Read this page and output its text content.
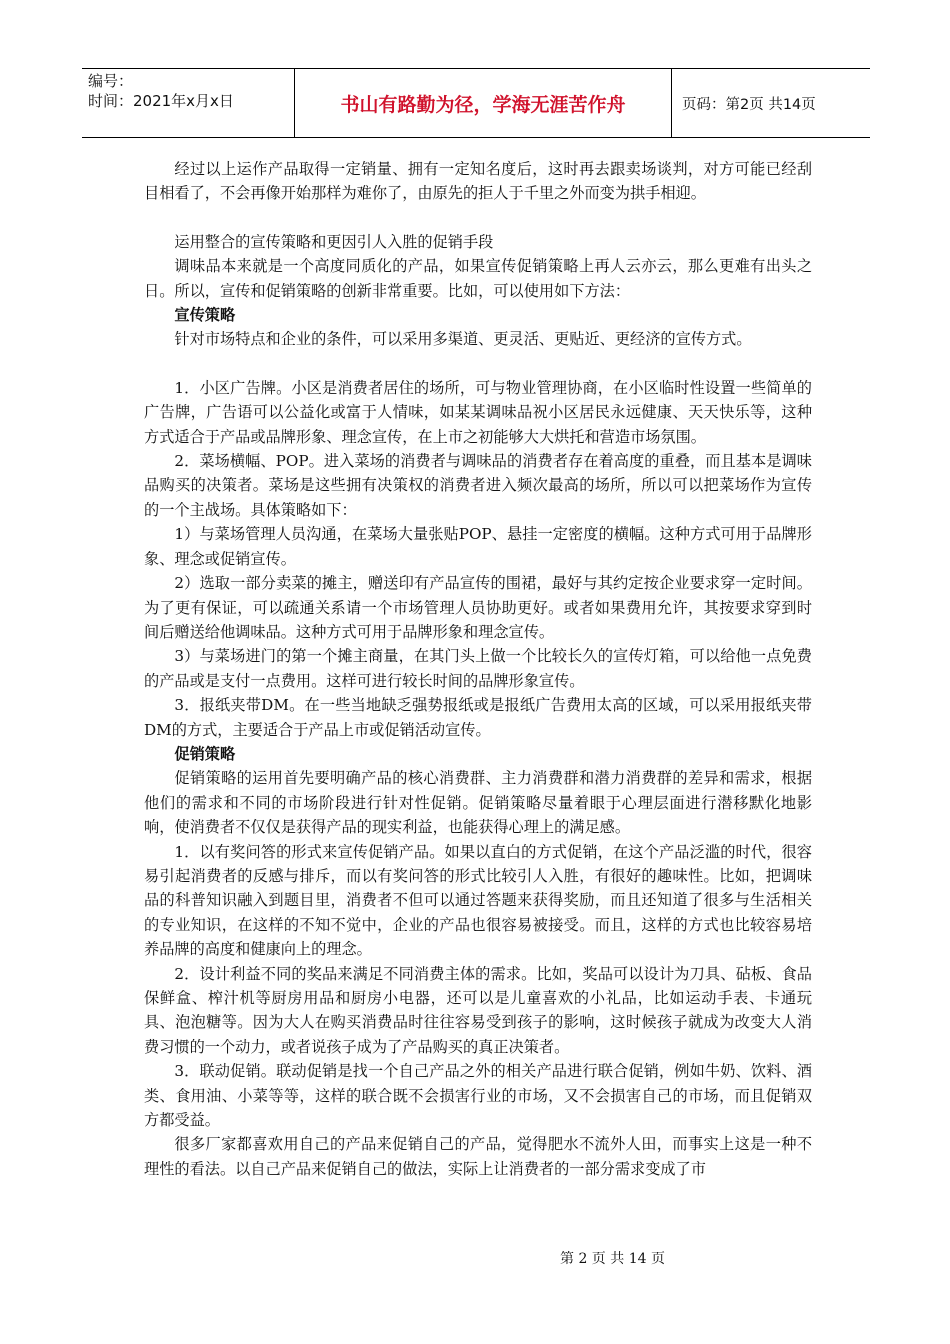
编号：
时间：2021年x月x日	书山有路勤为径，学海无涯苦作舟	页码：第2页 共14页

经过以上运作产品取得一定销量、拥有一定知名度后，这时再去跟卖场谈判，对方可能已经刮目相看了，不会再像开始那样为难你了，由原先的拒人于千里之外而变为拱手相迎。

运用整合的宣传策略和更因引人入胜的促销手段

调味品本来就是一个高度同质化的产品，如果宣传促销策略上再人云亦云，那么更难有出头之日。所以，宣传和促销策略的创新非常重要。比如，可以使用如下方法：

宣传策略

针对市场特点和企业的条件，可以采用多渠道、更灵活、更贴近、更经济的宣传方式。

1．小区广告牌。小区是消费者居住的场所，可与物业管理协商，在小区临时性设置一些简单的广告牌，广告语可以公益化或富于人情味，如某某调味品祝小区居民永远健康、天天快乐等，这种方式适合于产品或品牌形象、理念宣传，在上市之初能够大大烘托和营造市场氛围。

2．菜场横幅、POP。进入菜场的消费者与调味品的消费者存在着高度的重叠，而且基本是调味品购买的决策者。菜场是这些拥有决策权的消费者进入频次最高的场所，所以可以把菜场作为宣传的一个主战场。具体策略如下：

1）与菜场管理人员沟通，在菜场大量张贴POP、悬挂一定密度的横幅。这种方式可用于品牌形象、理念或促销宣传。

2）选取一部分卖菜的摊主，赠送印有产品宣传的围裙，最好与其约定按企业要求穿一定时间。为了更有保证，可以疏通关系请一个市场管理人员协助更好。或者如果费用允许，其按要求穿到时间后赠送给他调味品。这种方式可用于品牌形象和理念宣传。

3）与菜场进门的第一个摊主商量，在其门头上做一个比较长久的宣传灯箱，可以给他一点免费的产品或是支付一点费用。这样可进行较长时间的品牌形象宣传。

3．报纸夹带DM。在一些当地缺乏强势报纸或是报纸广告费用太高的区域，可以采用报纸夹带DM的方式，主要适合于产品上市或促销活动宣传。

促销策略

促销策略的运用首先要明确产品的核心消费群、主力消费群和潜力消费群的差异和需求，根据他们的需求和不同的市场阶段进行针对性促销。促销策略尽量着眼于心理层面进行潜移默化地影响，使消费者不仅仅是获得产品的现实利益，也能获得心理上的满足感。

1．以有奖问答的形式来宣传促销产品。如果以直白的方式促销，在这个产品泛滥的时代，很容易引起消费者的反感与排斥，而以有奖问答的形式比较引人入胜，有很好的趣味性。比如，把调味品的科普知识融入到题目里，消费者不但可以通过答题来获得奖励，而且还知道了很多与生活相关的专业知识，在这样的不知不觉中，企业的产品也很容易被接受。而且，这样的方式也比较容易培养品牌的高度和健康向上的理念。

2．设计利益不同的奖品来满足不同消费主体的需求。比如，奖品可以设计为刀具、砧板、食品保鲜盒、榨汁机等厨房用品和厨房小电器，还可以是儿童喜欢的小礼品，比如运动手表、卡通玩具、泡泡糖等。因为大人在购买消费品时往往容易受到孩子的影响，这时候孩子就成为改变大人消费习惯的一个动力，或者说孩子成为了产品购买的真正决策者。

3．联动促销。联动促销是找一个自己产品之外的相关产品进行联合促销，例如牛奶、饮料、酒类、食用油、小菜等等，这样的联合既不会损害行业的市场，又不会损害自己的市场，而且促销双方都受益。

很多厂家都喜欢用自己的产品来促销自己的产品，觉得肥水不流外人田，而事实上这是一种不理性的看法。以自己产品来促销自己的做法，实际上让消费者的一部分需求变成了市

第 2 页 共 14 页
